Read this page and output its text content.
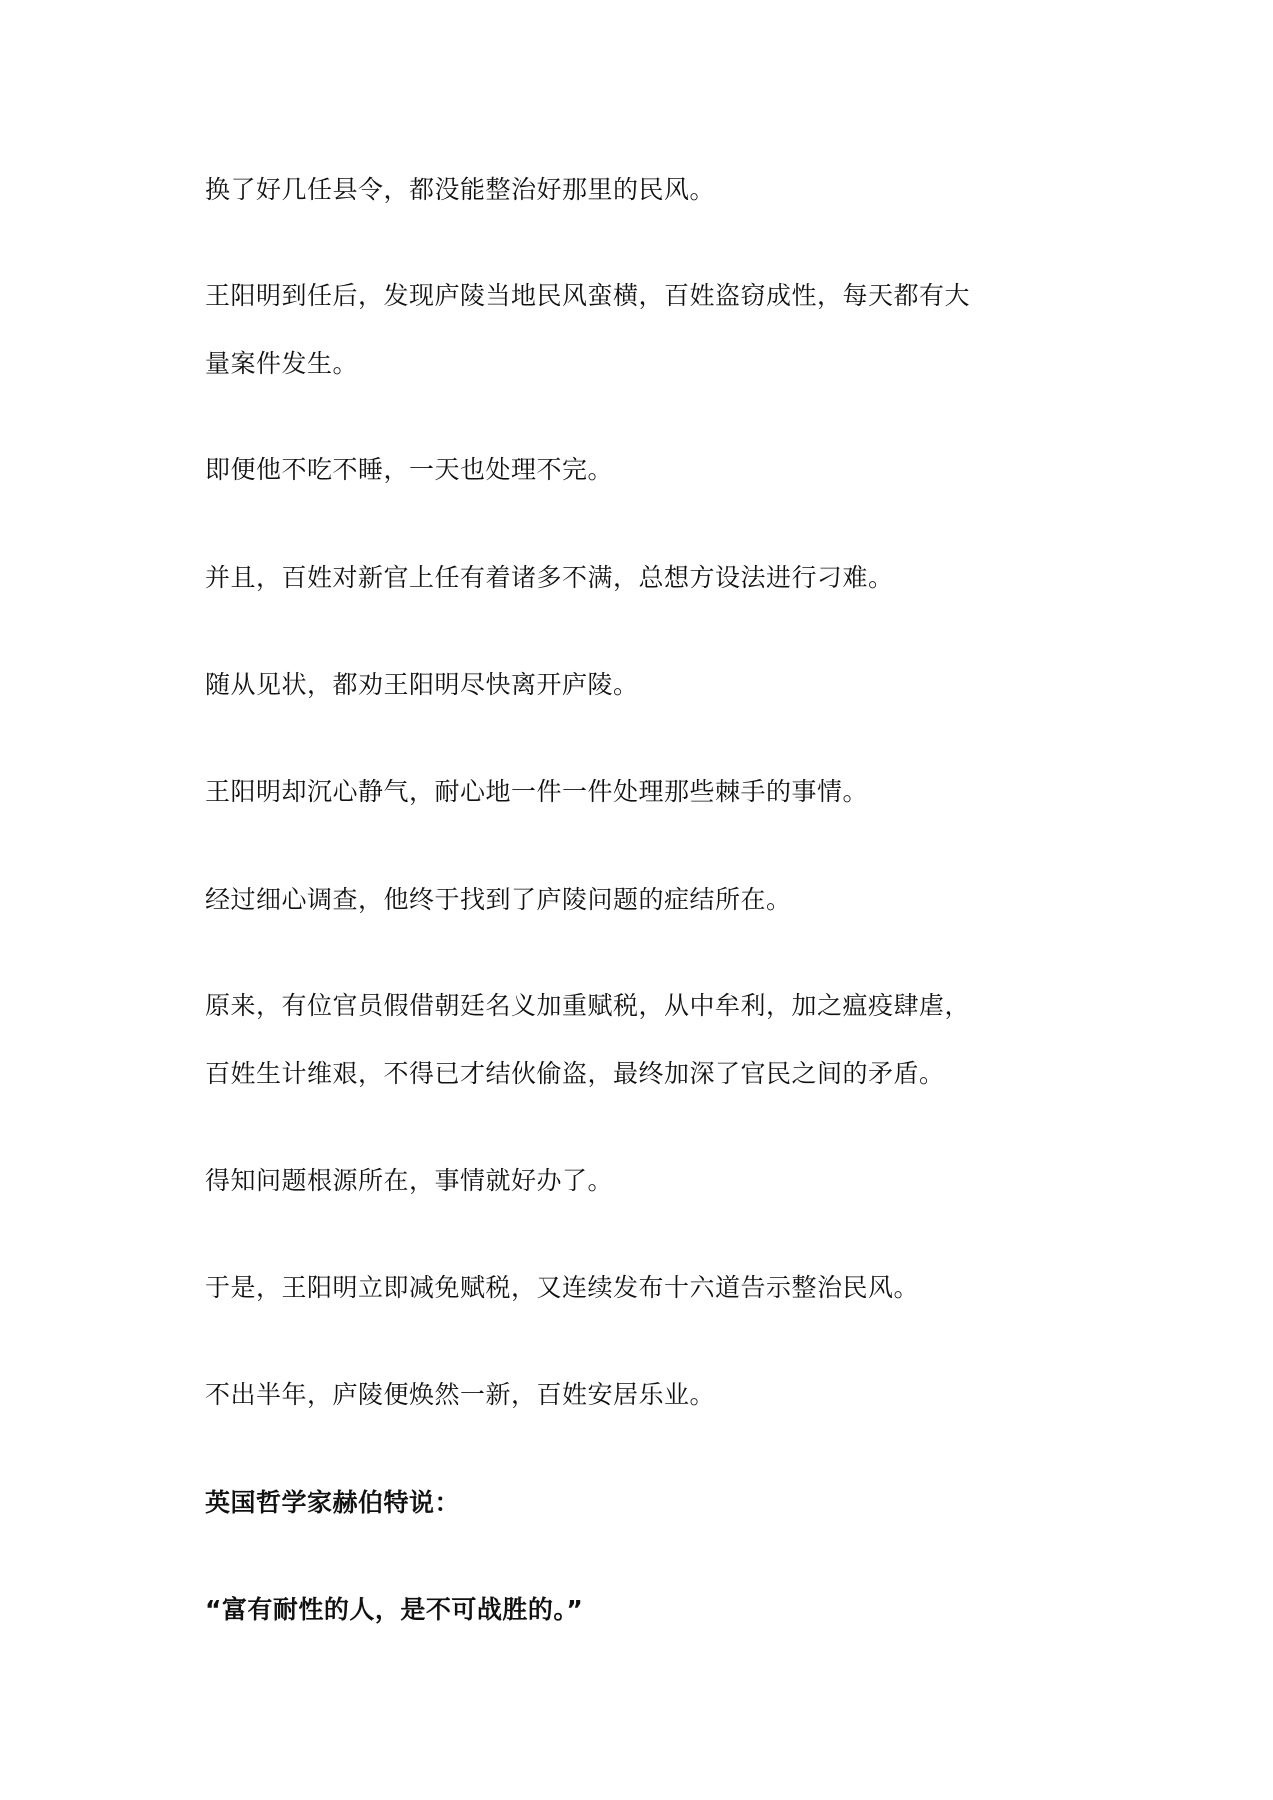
换了好几任县令，都没能整治好那里的民风。
王阳明到任后，发现庐陵当地民风蛮横，百姓盗窃成性，每天都有大
量案件发生。
即便他不吃不睡，一天也处理不完。
并且，百姓对新官上任有着诸多不满，总想方设法进行刁难。
随从见状，都劝王阳明尽快离开庐陵。
王阳明却沉心静气，耐心地一件一件处理那些棘手的事情。
经过细心调查，他终于找到了庐陵问题的症结所在。
原来，有位官员假借朝廷名义加重赋税，从中牟利，加之瘟疫肆虐，
百姓生计维艰，不得已才结伙偷盗，最终加深了官民之间的矛盾。
得知问题根源所在，事情就好办了。
于是，王阳明立即减免赋税，又连续发布十六道告示整治民风。
不出半年，庐陵便焕然一新，百姓安居乐业。
英国哲学家赫伯特说：
“富有耐性的人，是不可战胜的。”
